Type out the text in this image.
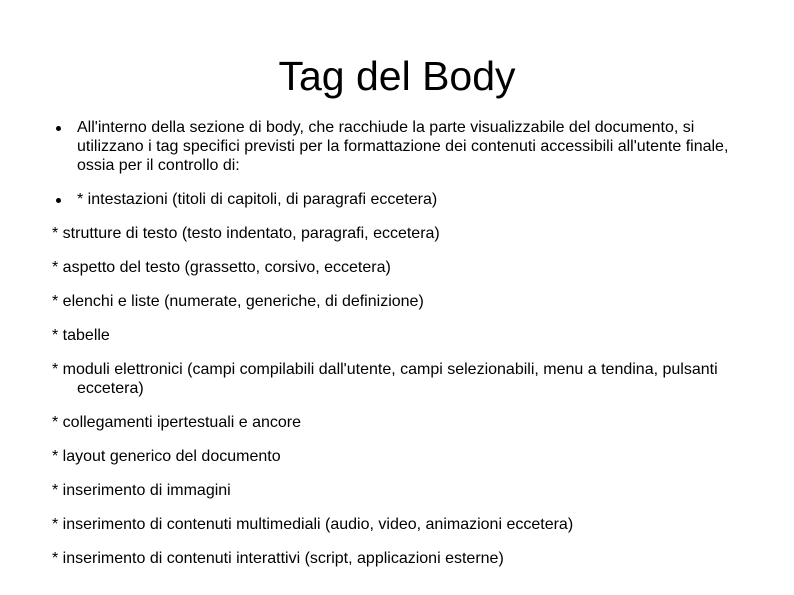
Tag del Body
All'interno della sezione di body, che racchiude la parte visualizzabile del documento, si utilizzano i tag specifici previsti per la formattazione dei contenuti accessibili all'utente finale, ossia per il controllo di:
* intestazioni (titoli di capitoli, di paragrafi eccetera)
* strutture di testo (testo indentato, paragrafi, eccetera)
* aspetto del testo (grassetto, corsivo, eccetera)
* elenchi e liste (numerate, generiche, di definizione)
* tabelle
* moduli elettronici (campi compilabili dall'utente, campi selezionabili, menu a tendina, pulsanti eccetera)
* collegamenti ipertestuali e ancore
* layout generico del documento
* inserimento di immagini
* inserimento di contenuti multimediali (audio, video, animazioni eccetera)
* inserimento di contenuti interattivi (script, applicazioni esterne)
